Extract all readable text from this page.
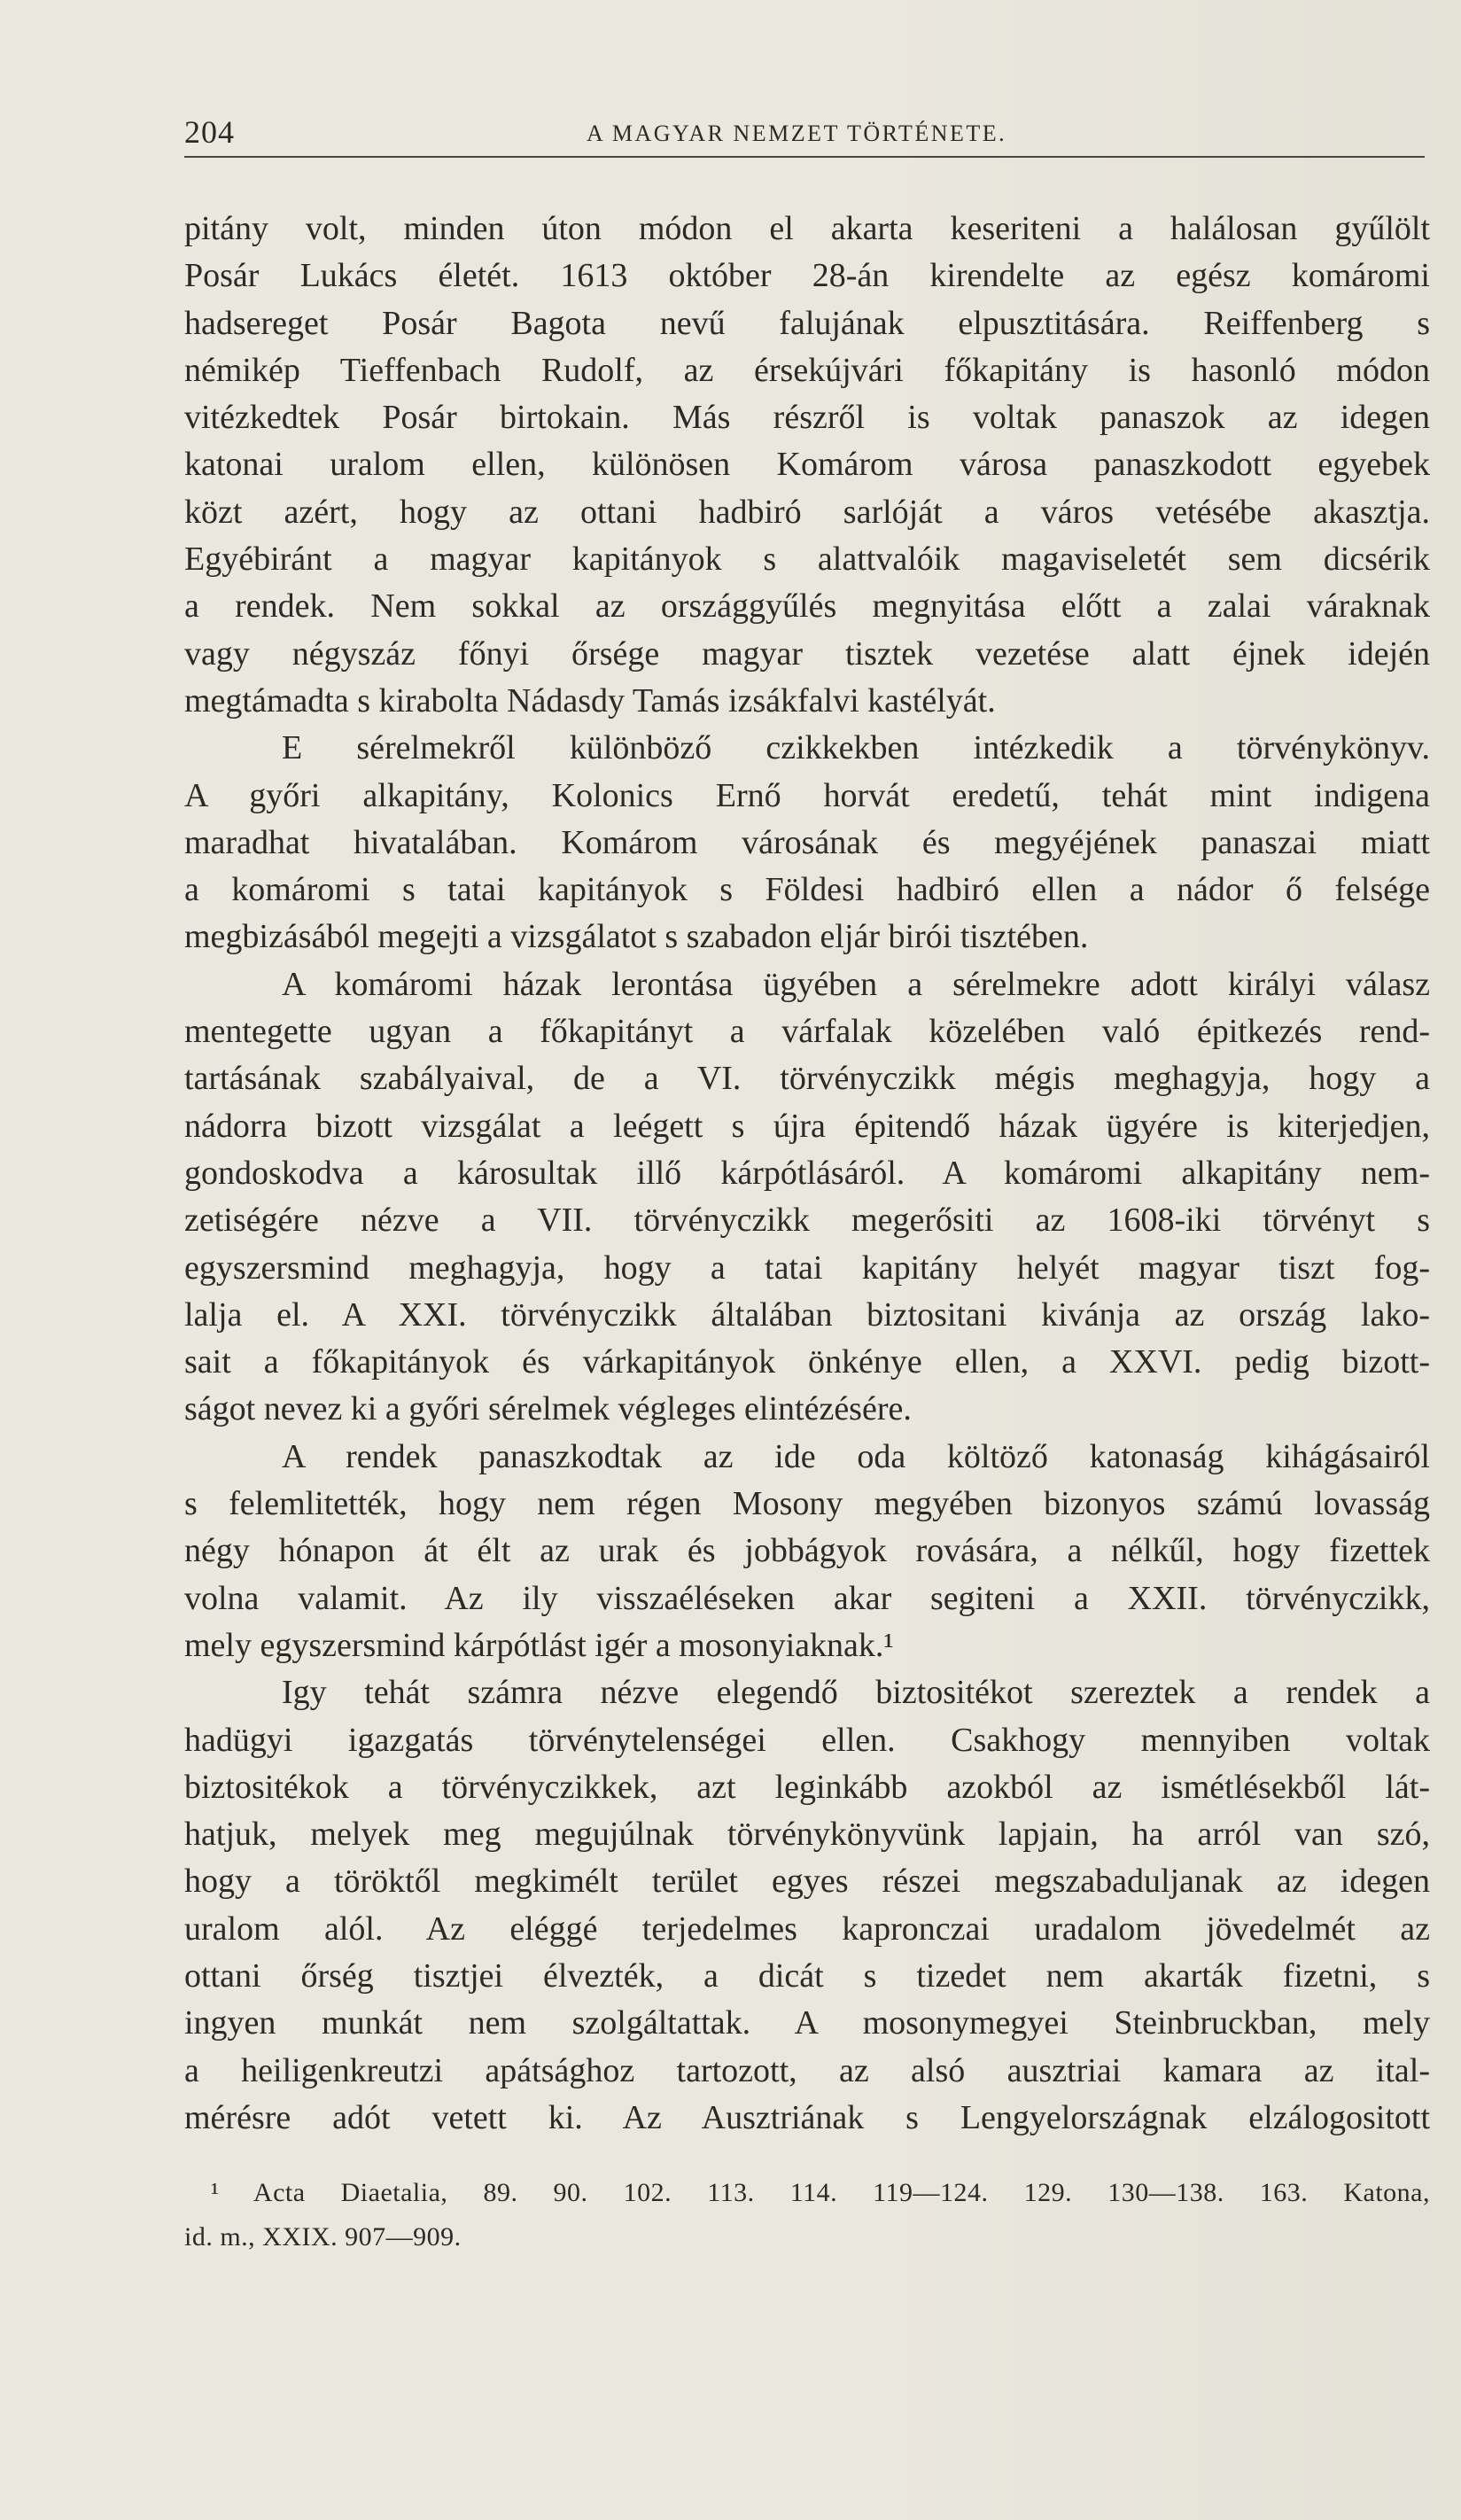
204	A MAGYAR NEMZET TÖRTÉNETE.
pitány volt, minden úton módon el akarta keseriteni a halálosan gyűlölt
Posár Lukács életét. 1613 október 28-án kirendelte az egész komáromi
hadsereget Posár Bagota nevű falujának elpusztitására. Reiffenberg s
némikép Tieffenbach Rudolf, az érsekújvári főkapitány is hasonló módon
vitézkedtek Posár birtokain. Más részről is voltak panaszok az idegen
katonai uralom ellen, különösen Komárom városa panaszkodott egyebek
közt azért, hogy az ottani hadbiró sarlóját a város vetésébe akasztja.
Egyébiránt a magyar kapitányok s alattvalóik magaviseletét sem dicsérik
a rendek. Nem sokkal az országgyűlés megnyitása előtt a zalai váraknak
vagy négyszáz főnyi őrsége magyar tisztek vezetése alatt éjnek idején
megtámadta s kirabolta Nádasdy Tamás izsákfalvi kastélyát.
E sérelmekről különböző czikkekben intézkedik a törvénykönyv.
A győri alkapitány, Kolonics Ernő horvát eredetű, tehát mint indigena
maradhat hivatalában. Komárom városának és megyéjének panaszai miatt
a komáromi s tatai kapitányok s Földesi hadbiró ellen a nádor ő felsége
megbizásából megejti a vizsgálatot s szabadon eljár birói tisztében.
A komáromi házak lerontása ügyében a sérelmekre adott királyi válasz
mentegette ugyan a főkapitányt a várfalak közelében való épitkezés rend-
tartásának szabályaival, de a VI. törvényczikk mégis meghagyja, hogy a
nádorra bizott vizsgálat a leégett s újra épitendő házak ügyére is kiterjedjen,
gondoskodva a károsultak illő kárpótlásáról. A komáromi alkapitány nem-
zetiségére nézve a VII. törvényczikk megerősiti az 1608-iki törvényt s
egyszersmind meghagyja, hogy a tatai kapitány helyét magyar tiszt fog-
lalja el. A XXI. törvényczikk általában biztositani kivánja az ország lako-
sait a főkapitányok és várkapitányok önkénye ellen, a XXVI. pedig bizott-
ságot nevez ki a győri sérelmek végleges elintézésére.
A rendek panaszkodtak az ide oda költöző katonaság kihágásairól
s felemlitették, hogy nem régen Mosony megyében bizonyos számú lovasság
négy hónapon át élt az urak és jobbágyok rovására, a nélkűl, hogy fizettek
volna valamit. Az ily visszaéléseken akar segiteni a XXII. törvényczikk,
mely egyszersmind kárpótlást igér a mosonyiaknak.¹
Igy tehát számra nézve elegendő biztositékot szereztek a rendek a
hadügyi igazgatás törvénytelenségei ellen. Csakhogy mennyiben voltak
biztositékok a törvényczikkek, azt leginkább azokból az ismétlésekből lát-
hatjuk, melyek meg megujúlnak törvénykönyvünk lapjain, ha arról van szó,
hogy a töröktől megkimélt terület egyes részei megszabaduljanak az idegen
uralom alól. Az eléggé terjedelmes kapronczai uradalom jövedelmét az
ottani őrség tisztjei élvezték, a dicát s tizedet nem akarták fizetni, s
ingyen munkát nem szolgáltattak. A mosonymegyei Steinbruckban, mely
a heiligenkreutzi apátsághoz tartozott, az alsó ausztriai kamara az ital-
mérésre adót vetett ki. Az Ausztriának s Lengyelországnak elzálogositott
¹ Acta Diaetalia, 89. 90. 102. 113. 114. 119—124. 129. 130—138. 163. Katona,
id. m., XXIX. 907—909.
